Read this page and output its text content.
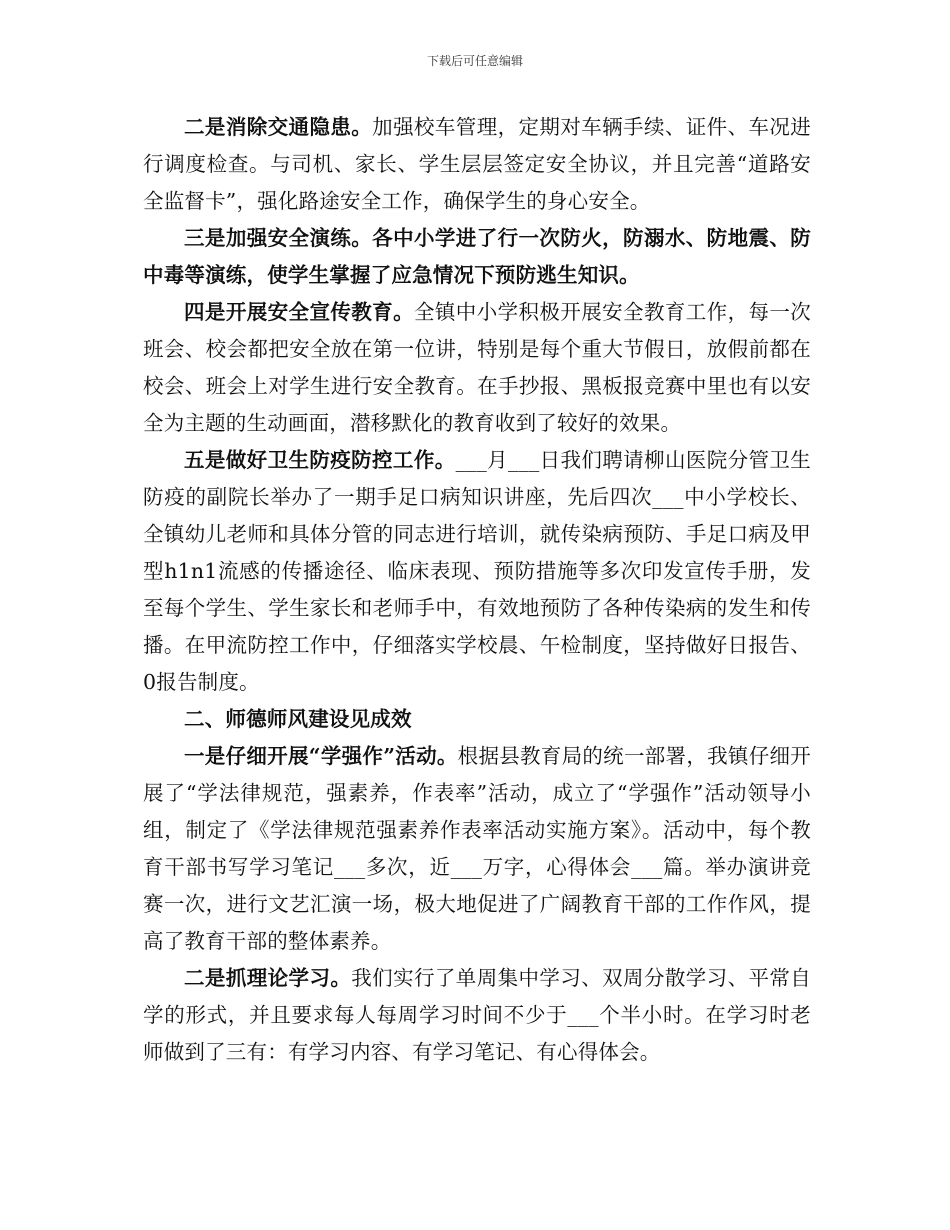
下载后可任意编辑

二是消除交通隐患。加强校车管理，定期对车辆手续、证件、车况进行调度检查。与司机、家长、学生层层签定安全协议，并且完善“道路安全监督卡”，强化路途安全工作，确保学生的身心安全。

三是加强安全演练。各中小学进了行一次防火，防溺水、防地震、防中毒等演练，使学生掌握了应急情况下预防逃生知识。

四是开展安全宣传教育。全镇中小学积极开展安全教育工作，每一次班会、校会都把安全放在第一位讲，特别是每个重大节假日，放假前都在校会、班会上对学生进行安全教育。在手抄报、黑板报竞赛中里也有以安全为主题的生动画面，潜移默化的教育收到了较好的效果。

五是做好卫生防疫防控工作。___月___日我们聘请柳山医院分管卫生防疫的副院长举办了一期手足口病知识讲座，先后四次___中小学校长、全镇幼儿老师和具体分管的同志进行培训，就传染病预防、手足口病及甲型h1n1流感的传播途径、临床表现、预防措施等多次印发宣传手册，发至每个学生、学生家长和老师手中，有效地预防了各种传染病的发生和传播。在甲流防控工作中，仔细落实学校晨、午检制度，坚持做好日报告、0报告制度。

二、师德师风建设见成效

一是仔细开展“学强作”活动。根据县教育局的统一部署，我镇仔细开展了“学法律规范，强素养，作表率”活动，成立了“学强作”活动领导小组，制定了《学法律规范强素养作表率活动实施方案》。活动中，每个教育干部书写学习笔记___多次，近___万字，心得体会___篇。举办演讲竞赛一次，进行文艺汇演一场，极大地促进了广阔教育干部的工作作风，提高了教育干部的整体素养。

二是抓理论学习。我们实行了单周集中学习、双周分散学习、平常自学的形式，并且要求每人每周学习时间不少于___个半小时。在学习时老师做到了三有：有学习内容、有学习笔记、有心得体会。
